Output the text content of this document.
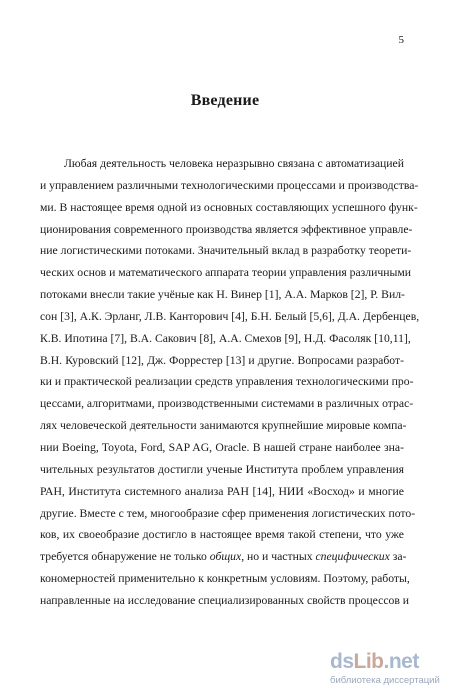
5
Введение
Любая деятельность человека неразрывно связана с автоматизацией
и управлением различными технологическими процессами и производства-
ми. В настоящее время одной из основных составляющих успешного функ-
ционирования современного производства является эффективное управле-
ние логистическими потоками. Значительный вклад в разработку теорети-
ческих основ и математического аппарата теории управления различными
потоками внесли такие учёные как Н. Винер [1], А.А. Марков [2], Р. Вил-
сон [3], А.К. Эрланг, Л.В. Канторович [4], Б.Н. Белый [5,6], Д.А. Дербенцев,
К.В. Ипотина [7], В.А. Сакович [8], А.А. Смехов [9], Н.Д. Фасоляк [10,11],
В.Н. Куровский [12], Дж. Форрестер [13] и другие. Вопросами разработ-
ки и практической реализации средств управления технологическими про-
цессами, алгоритмами, производственными системами в различных отрас-
лях человеческой деятельности занимаются крупнейшие мировые компа-
нии Boeing, Toyota, Ford, SAP AG, Oracle. В нашей стране наиболее зна-
чительных результатов достигли ученые Института проблем управления
РАН, Института системного анализа РАН [14], НИИ «Восход» и многие
другие. Вместе с тем, многообразие сфер применения логистических пото-
ков, их своеобразие достигло в настоящее время такой степени, что уже
требуется обнаружение не только общих, но и частных специфических за-
кономерностей применительно к конкретным условиям. Поэтому, работы,
направленные на исследование специализированных свойств процессов и
dsLib.net
библиотека диссертаций
